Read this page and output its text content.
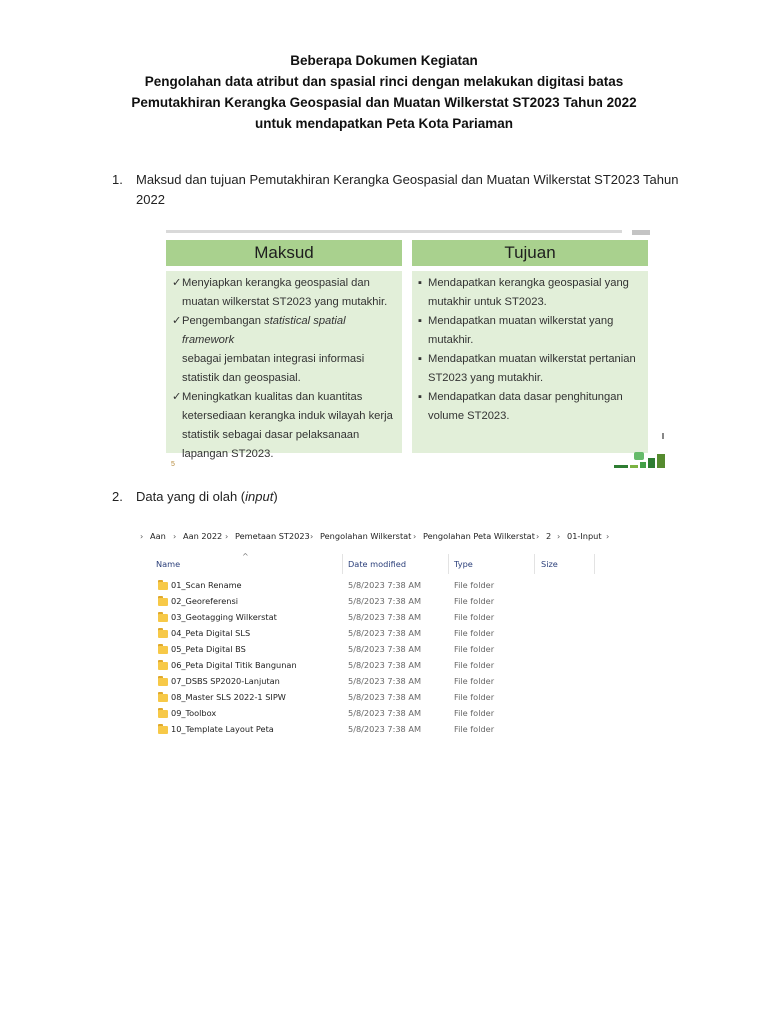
Beberapa Dokumen Kegiatan
Pengolahan data atribut dan spasial rinci dengan melakukan digitasi batas
Pemutakhiran Kerangka Geospasial dan Muatan Wilkerstat ST2023 Tahun 2022
untuk mendapatkan Peta Kota Pariaman
1. Maksud dan tujuan Pemutakhiran Kerangka Geospasial dan Muatan Wilkerstat ST2023 Tahun
2022
Maksud
✓ Menyiapkan kerangka geospasial dan
muatan wilkerstat ST2023 yang mutakhir.
✓ Pengembangan statistical spatial framework
sebagai jembatan integrasi informasi
statistik dan geospasial.
✓ Meningkatkan kualitas dan kuantitas
ketersediaan kerangka induk wilayah kerja
statistik sebagai dasar pelaksanaan
lapangan ST2023.
Tujuan
▪ Mendapatkan kerangka geospasial yang
mutakhir untuk ST2023.
▪ Mendapatkan muatan wilkerstat yang
mutakhir.
▪ Mendapatkan muatan wilkerstat pertanian
ST2023 yang mutakhir.
▪ Mendapatkan data dasar penghitungan
volume ST2023.
5
2. Data yang di olah (input)
› Aan › Aan 2022 › Pemetaan ST2023 › Pengolahan Wilkerstat › Pengolahan Peta Wilkerstat › 2 › 01-Input ›
^
Name	Date modified	Type	Size
01_Scan Rename	5/8/2023 7:38 AM	File folder
02_Georeferensi	5/8/2023 7:38 AM	File folder
03_Geotagging Wilkerstat	5/8/2023 7:38 AM	File folder
04_Peta Digital SLS	5/8/2023 7:38 AM	File folder
05_Peta Digital BS	5/8/2023 7:38 AM	File folder
06_Peta Digital Titik Bangunan	5/8/2023 7:38 AM	File folder
07_DSBS SP2020-Lanjutan	5/8/2023 7:38 AM	File folder
08_Master SLS 2022-1 SIPW	5/8/2023 7:38 AM	File folder
09_Toolbox	5/8/2023 7:38 AM	File folder
10_Template Layout Peta	5/8/2023 7:38 AM	File folder
